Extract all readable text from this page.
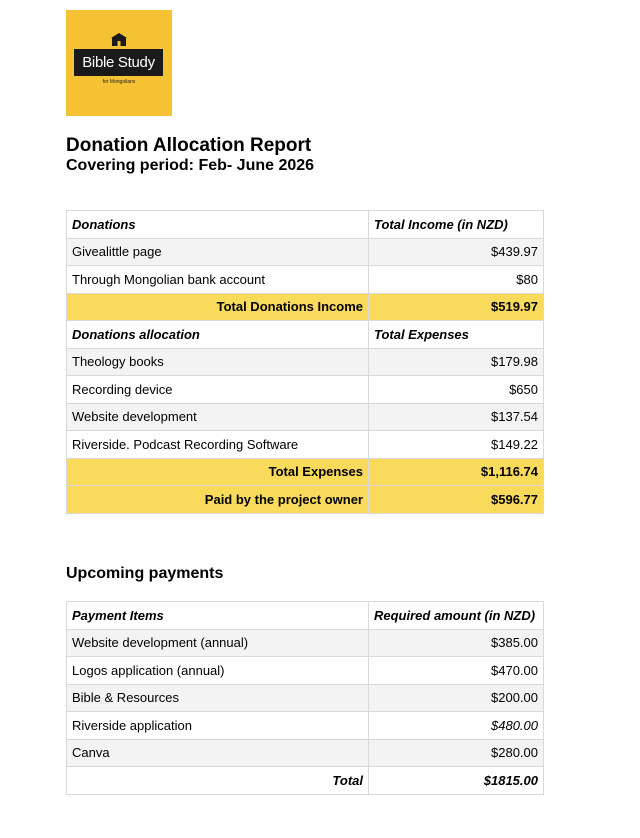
Bible Study
for Mongolians
Donation Allocation Report
Covering period: Feb- June 2026
Donations	Total Income (in NZD)
Givealittle page	$439.97
Through Mongolian bank account	$80
Total Donations Income	$519.97
Donations allocation	Total Expenses
Theology books	$179.98
Recording device	$650
Website development	$137.54
Riverside. Podcast Recording Software	$149.22
Total Expenses	$1,116.74
Paid by the project owner	$596.77
Upcoming payments
Payment Items	Required amount (in NZD)
Website development (annual)	$385.00
Logos application (annual)	$470.00
Bible & Resources	$200.00
Riverside application	$480.00
Canva	$280.00
Total	$1815.00
